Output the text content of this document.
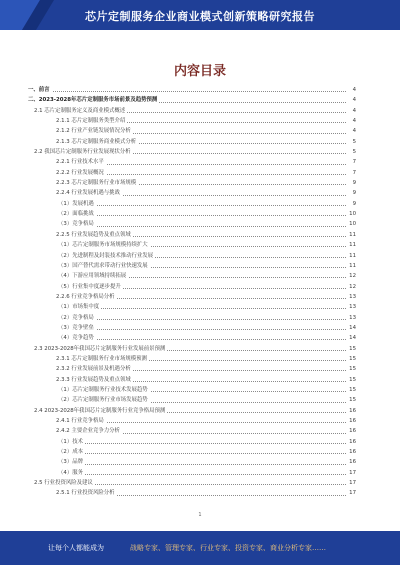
芯片定制服务企业商业模式创新策略研究报告
内容目录
一、前言	4
二、2023-2028年芯片定制服务市场前景及趋势预测	4
2.1 芯片定制服务定义及商业模式概述	4
2.1.1 芯片定制服务类型介绍	4
2.1.2 行业产业链发展情况分析	4
2.1.3 芯片定制服务商业模式分析	5
2.2 我国芯片定制服务行业发展现状分析	5
2.2.1 行业技术水平	7
2.2.2 行业发展概况	7
2.2.3 芯片定制服务行业市场规模	9
2.2.4 行业发展机遇与挑战	9
（1）发展机遇	9
（2）面临挑战	10
（3）竞争格局	10
2.2.5 行业发展趋势及重点领域	11
（1）芯片定制服务市场规模持续扩大	11
（2）先进制程及封装技术推动行业发展	11
（3）国产替代需求带动行业快速发展	11
（4）下游应用领域持续拓展	12
（5）行业集中度逐步提升	12
2.2.6 行业竞争格局分析	13
（1）市场集中度	13
（2）竞争格局	13
（3）竞争壁垒	14
（4）竞争趋势	14
2.3 2023-2028年我国芯片定制服务行业发展前景预测	15
2.3.1 芯片定制服务行业市场规模预测	15
2.3.2 行业发展前景及机遇分析	15
2.3.3 行业发展趋势及重点领域	15
（1）芯片定制服务行业技术发展趋势	15
（2）芯片定制服务行业市场发展趋势	15
2.4 2023-2028年我国芯片定制服务行业竞争格局预测	16
2.4.1 行业竞争格局	16
2.4.2 主要企业竞争力分析	16
（1）技术	16
（2）成本	16
（3）品牌	16
（4）服务	17
2.5 行业投资风险及建议	17
2.5.1 行业投资风险分析	17
1
让每个人都能成为	战略专家、管理专家、行业专家、投资专家、商业分析专家……
